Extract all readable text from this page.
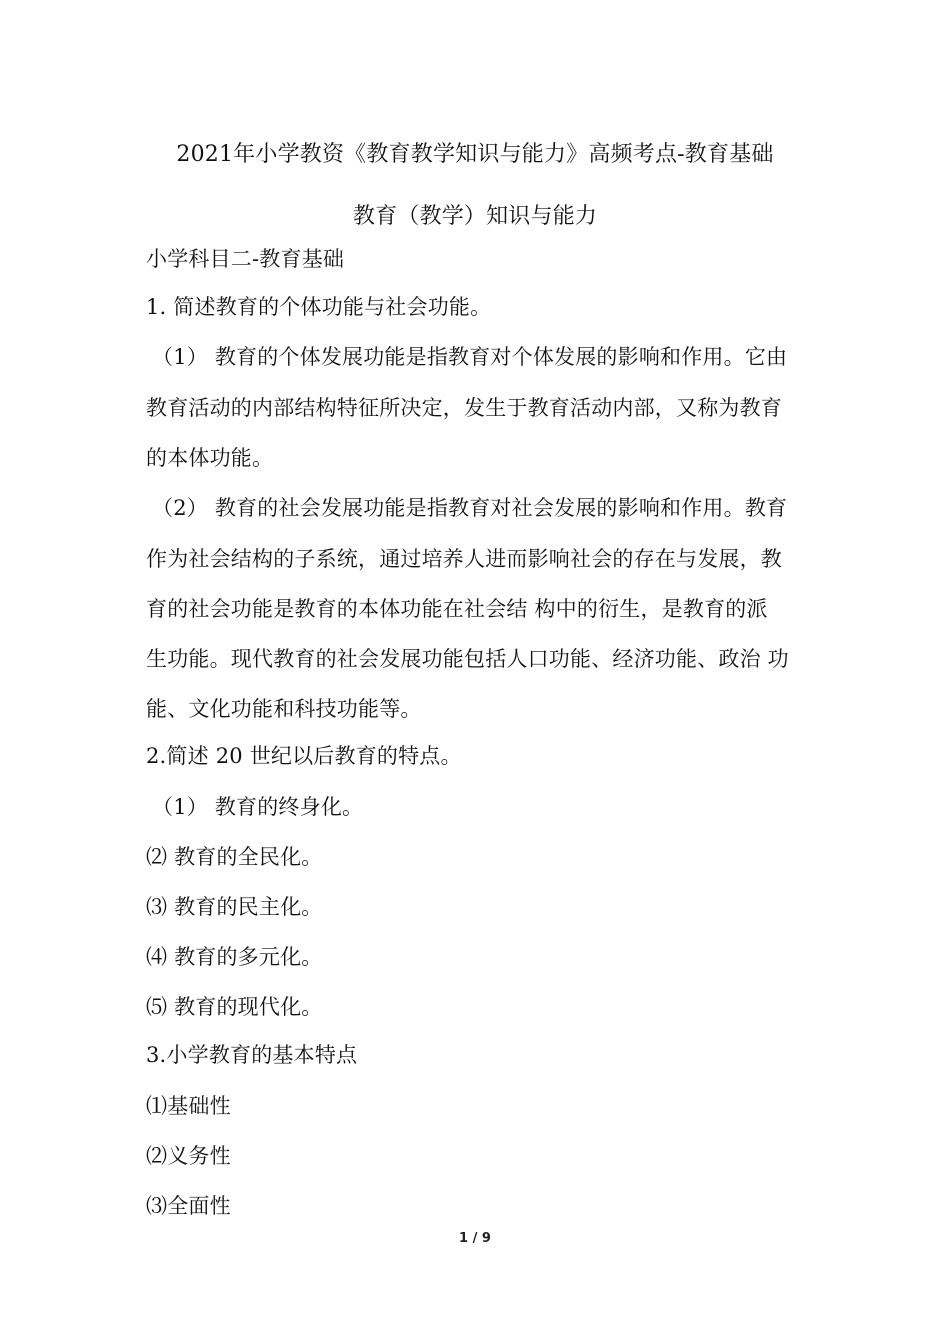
2021年小学教资《教育教学知识与能力》高频考点-教育基础
教育（教学）知识与能力
小学科目二-教育基础
1. 简述教育的个体功能与社会功能。
（1） 教育的个体发展功能是指教育对个体发展的影响和作用。它由
教育活动的内部结构特征所决定，发生于教育活动内部，又称为教育
的本体功能。
（2） 教育的社会发展功能是指教育对社会发展的影响和作用。教育
作为社会结构的子系统，通过培养人进而影响社会的存在与发展，教
育的社会功能是教育的本体功能在社会结 构中的衍生，是教育的派
生功能。现代教育的社会发展功能包括人口功能、经济功能、政治 功
能、文化功能和科技功能等。
2.简述 20 世纪以后教育的特点。
（1） 教育的终身化。
⑵ 教育的全民化。
⑶ 教育的民主化。
⑷ 教育的多元化。
⑸ 教育的现代化。
3.小学教育的基本特点
⑴基础性
⑵义务性
⑶全面性
1 / 9
